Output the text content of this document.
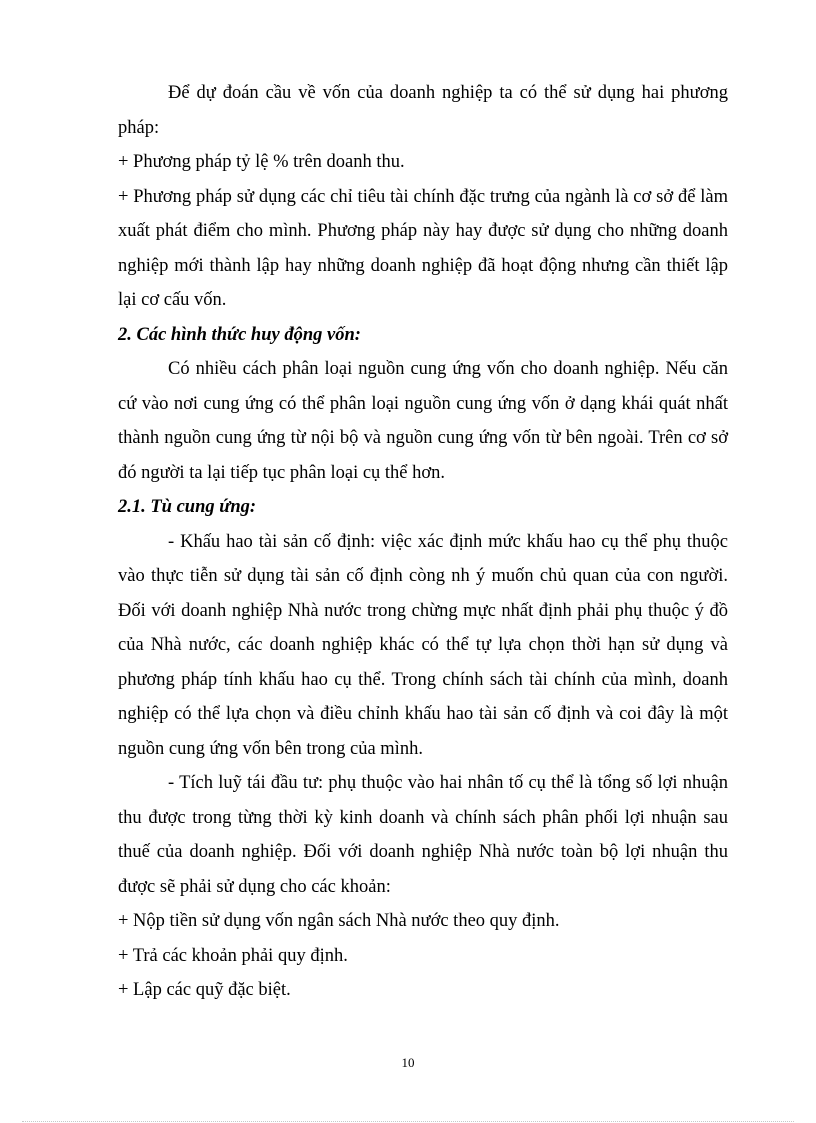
Để dự đoán cầu về vốn của doanh nghiệp ta có thể sử dụng hai phương pháp:

+ Phương pháp tỷ lệ % trên doanh thu.

+ Phương pháp sử dụng các chỉ tiêu tài chính đặc trưng của ngành là cơ sở để làm xuất phát điểm cho mình. Phương pháp này hay được sử dụng cho những doanh nghiệp mới thành lập hay những doanh nghiệp đã hoạt động nhưng cần thiết lập lại cơ cấu vốn.

2. Các hình thức huy động vốn:

Có nhiều cách phân loại nguồn cung ứng vốn cho doanh nghiệp. Nếu căn cứ vào nơi cung ứng có thể phân loại nguồn cung ứng vốn ở dạng khái quát nhất thành nguồn cung ứng từ nội bộ và nguồn cung ứng vốn từ bên ngoài. Trên cơ sở đó người ta lại tiếp tục phân loại cụ thể hơn.

2.1. Tù cung ứng:

- Khấu hao tài sản cố định: việc xác định mức khấu hao cụ thể phụ thuộc vào thực tiễn sử dụng tài sản cố định còng nh ý muốn chủ quan của con người. Đối với doanh nghiệp Nhà nước trong chừng mực nhất định phải phụ thuộc ý đồ của Nhà nước, các doanh nghiệp khác có thể tự lựa chọn thời hạn sử dụng và phương pháp tính khấu hao cụ thể. Trong chính sách tài chính của mình, doanh nghiệp có thể lựa chọn và điều chỉnh khấu hao tài sản cố định và coi đây là một nguồn cung ứng vốn bên trong của mình.

- Tích luỹ tái đầu tư: phụ thuộc vào hai nhân tố cụ thể là tổng số lợi nhuận thu được trong từng thời kỳ kinh doanh và chính sách phân phối lợi nhuận sau thuế của doanh nghiệp. Đối với doanh nghiệp Nhà nước toàn bộ lợi nhuận thu được sẽ phải sử dụng cho các khoản:

+ Nộp tiền sử dụng vốn ngân sách Nhà nước theo quy định.

+ Trả các khoản phải quy định.

+ Lập các quỹ đặc biệt.

10
